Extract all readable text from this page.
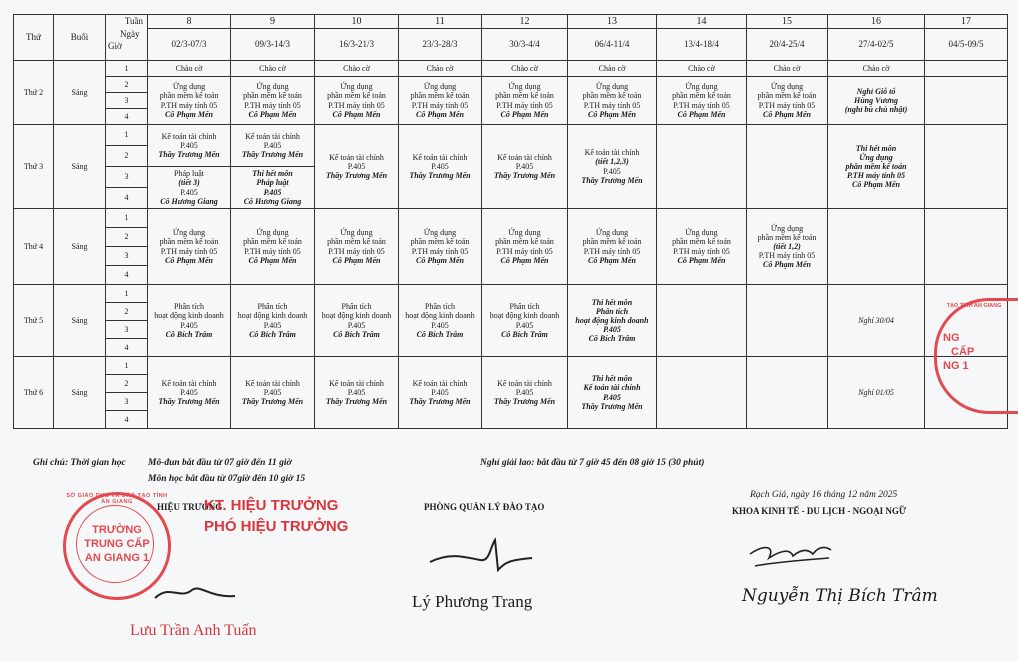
Thứ	Buổi	Tuần
Ngày
Giờ	8	9	10	11	12	13	14	15	16	17
			02/3-07/3	09/3-14/3	16/3-21/3	23/3-28/3	30/3-4/4	06/4-11/4	13/4-18/4	20/4-25/4	27/4-02/5	04/5-09/5
Thứ 2	Sáng	1	Chào cờ	Chào cờ	Chào cờ	Chào cờ	Chào cờ	Chào cờ	Chào cờ	Chào cờ	Chào cờ	
		2	Ứng dụng
phần mềm kế toán
P.TH máy tính 05
Cô Phạm Mến	Ứng dụng
phần mềm kế toán
P.TH máy tính 05
Cô Phạm Mến	Ứng dụng
phần mềm kế toán
P.TH máy tính 05
Cô Phạm Mến	Ứng dụng
phần mềm kế toán
P.TH máy tính 05
Cô Phạm Mến	Ứng dụng
phần mềm kế toán
P.TH máy tính 05
Cô Phạm Mến	Ứng dụng
phần mềm kế toán
P.TH máy tính 05
Cô Phạm Mến	Ứng dụng
phần mềm kế toán
P.TH máy tính 05
Cô Phạm Mến	Ứng dụng
phần mềm kế toán
P.TH máy tính 05
Cô Phạm Mến	Nghỉ Giỗ tổ
Hùng Vương
(nghỉ bù chủ nhật)	

		3										
		4										
Thứ 3	Sáng	1	Kế toán tài chính
P.405
Thầy Trương Mến	Kế toán tài chính
P.405
Thầy Trương Mến	Kế toán tài chính
P.405
Thầy Trương Mến	Kế toán tài chính
P.405
Thầy Trương Mến	Kế toán tài chính
P.405
Thầy Trương Mến	Kế toán tài chính
(tiết 1,2,3)
P.405
Thầy Trương Mến			Thi hết môn
Ứng dụng
phần mềm kế toán
P.TH máy tính 05
Cô Phạm Mến	

		2										
		3	Pháp luật
(tiết 3)
P.405
Cô Hương Giang	Thi hết môn
Pháp luật
P.405
Cô Hương Giang								

		4										
Thứ 4	Sáng	1	Ứng dụng
phần mềm kế toán
P.TH máy tính 05
Cô Phạm Mến	Ứng dụng
phần mềm kế toán
P.TH máy tính 05
Cô Phạm Mến	Ứng dụng
phần mềm kế toán
P.TH máy tính 05
Cô Phạm Mến	Ứng dụng
phần mềm kế toán
P.TH máy tính 05
Cô Phạm Mến	Ứng dụng
phần mềm kế toán
P.TH máy tính 05
Cô Phạm Mến	Ứng dụng
phần mềm kế toán
P.TH máy tính 05
Cô Phạm Mến	Ứng dụng
phần mềm kế toán
P.TH máy tính 05
Cô Phạm Mến	Ứng dụng
phần mềm kế toán
(tiết 1,2)
P.TH máy tính 05
Cô Phạm Mến		

		2										
		3										
		4										
Thứ 5	Sáng	1	Phân tích
hoạt động kinh doanh
P.405
Cô Bích Trâm	Phân tích
hoạt động kinh doanh
P.405
Cô Bích Trâm	Phân tích
hoạt động kinh doanh
P.405
Cô Bích Trâm	Phân tích
hoạt động kinh doanh
P.405
Cô Bích Trâm	Phân tích
hoạt động kinh doanh
P.405
Cô Bích Trâm	Thi hết môn
Phân tích
hoạt động kinh doanh
P.405
Cô Bích Trâm			Nghỉ 30/04	
		2										
		3										
		4										
Thứ 6	Sáng	1	Kế toán tài chính
P.405
Thầy Trương Mến	Kế toán tài chính
P.405
Thầy Trương Mến	Kế toán tài chính
P.405
Thầy Trương Mến	Kế toán tài chính
P.405
Thầy Trương Mến	Kế toán tài chính
P.405
Thầy Trương Mến	Thi hết môn
Kế toán tài chính
P.405
Thầy Trương Mến			Nghỉ 01/05	
		2										
		3										
		4										
Ghi chú: Thời gian học Mô-đun bắt đầu từ 07 giờ đến 11 giờ
Môn học bắt đầu từ 07giờ đến 10 giờ 15
Nghỉ giải lao: bắt đầu từ 7 giờ 45 đến 08 giờ 15 (30 phút)
HIỆU TRƯỞNG
KT. HIỆU TRƯỞNG
PHÓ HIỆU TRƯỞNG
Lưu Trần Anh Tuấn
PHÒNG QUẢN LÝ ĐÀO TẠO
Lý Phương Trang
Rạch Giá, ngày 16 tháng 12 năm 2025
KHOA KINH TẾ - DU LỊCH - NGOẠI NGỮ
Nguyễn Thị Bích Trâm
TRƯỜNG
TRUNG CẤP
AN GIANG 1
SỞ GIÁO DỤC VÀ ĐÀO TẠO TỈNH AN GIANG
NG
CẤP
NG 1
TẠO TỈNH AN GIANG
